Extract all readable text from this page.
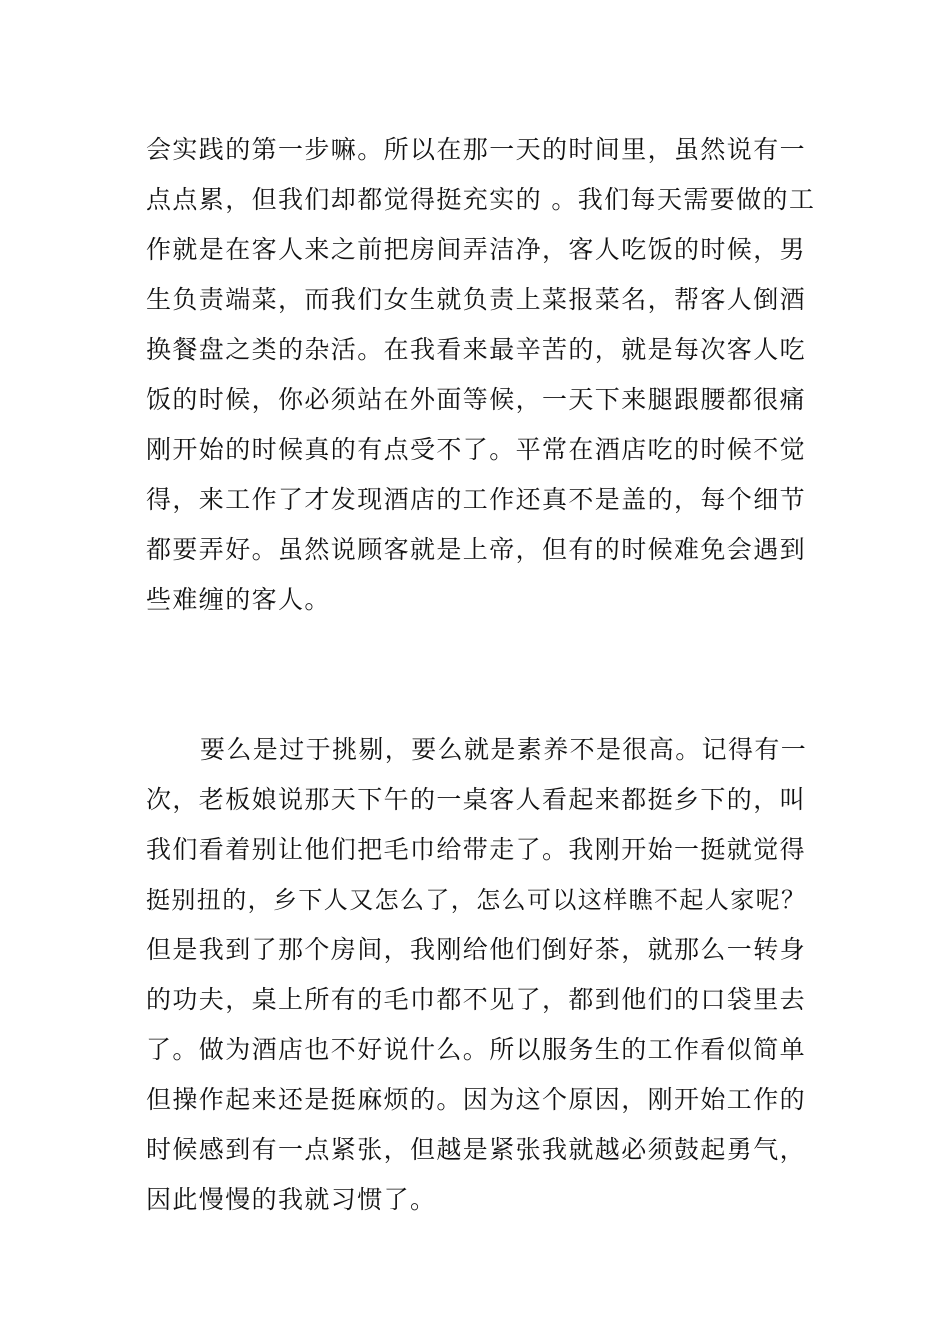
会实践的第一步嘛。所以在那一天的时间里，虽然说有一
点点累，但我们却都觉得挺充实的 。我们每天需要做的工
作就是在客人来之前把房间弄洁净，客人吃饭的时候，男
生负责端菜，而我们女生就负责上菜报菜名，帮客人倒酒
换餐盘之类的杂活。在我看来最辛苦的，就是每次客人吃
饭的时候，你必须站在外面等候，一天下来腿跟腰都很痛
刚开始的时候真的有点受不了。平常在酒店吃的时候不觉
得，来工作了才发现酒店的工作还真不是盖的，每个细节
都要弄好。虽然说顾客就是上帝，但有的时候难免会遇到
些难缠的客人。
要么是过于挑剔，要么就是素养不是很高。记得有一
次，老板娘说那天下午的一桌客人看起来都挺乡下的，叫
我们看着别让他们把毛巾给带走了。我刚开始一挺就觉得
挺别扭的，乡下人又怎么了，怎么可以这样瞧不起人家呢？
但是我到了那个房间，我刚给他们倒好茶，就那么一转身
的功夫，桌上所有的毛巾都不见了，都到他们的口袋里去
了。做为酒店也不好说什么。所以服务生的工作看似简单
但操作起来还是挺麻烦的。因为这个原因，刚开始工作的
时候感到有一点紧张，但越是紧张我就越必须鼓起勇气，
因此慢慢的我就习惯了。
